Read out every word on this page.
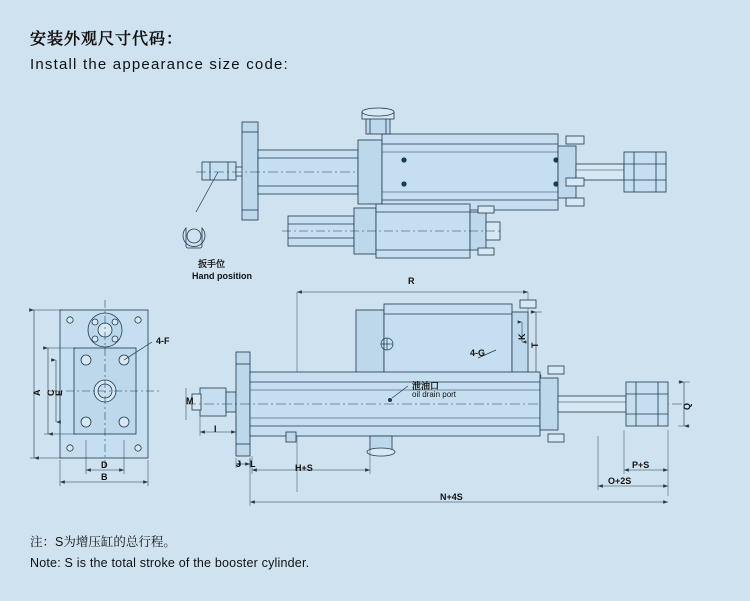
安装外观尺寸代码：
Install the appearance size code:
扳手位
Hand position
4-F
A C
E
D
B
R
4-G
T
K
M
I
J L	H+S	P+S
O+2S
N+4S
Q
泄油口
oil drain port
注：S为增压缸的总行程。
Note: S is the total stroke of the booster cylinder.
